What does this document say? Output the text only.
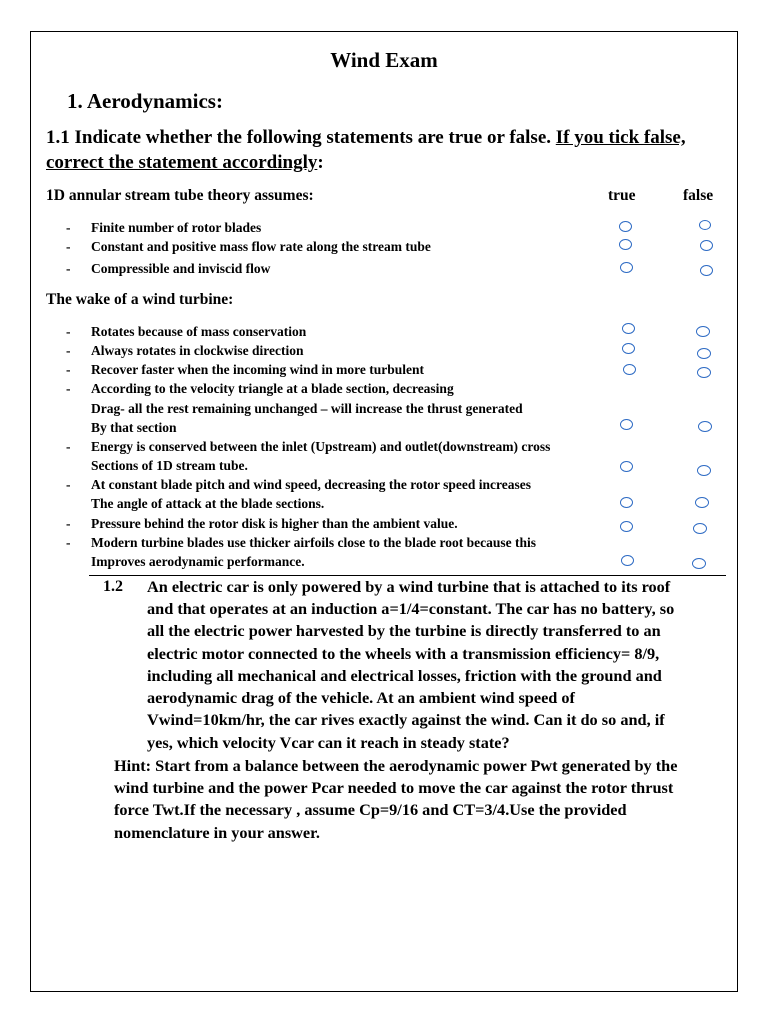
Wind Exam
1. Aerodynamics:
1.1 Indicate whether the following statements are true or false. If you tick false,
correct the statement accordingly:
1D annular stream tube theory assumes:	true	false
- Finite number of rotor blades
- Constant and positive mass flow rate along the stream tube
- Compressible and inviscid flow
The wake of a wind turbine:
- Rotates because of mass conservation
- Always rotates in clockwise direction
- Recover faster when the incoming wind in more turbulent
- According to the velocity triangle at a blade section, decreasing
Drag- all the rest remaining unchanged – will increase the thrust generated
By that section
- Energy is conserved between the inlet (Upstream) and outlet(downstream) cross
Sections of 1D stream tube.
- At constant blade pitch and wind speed, decreasing the rotor speed increases
The angle of attack at the blade sections.
- Pressure behind the rotor disk is higher than the ambient value.
- Modern turbine blades use thicker airfoils close to the blade root because this
Improves aerodynamic performance.
1.2 An electric car is only powered by a wind turbine that is attached to its roof
and that operates at an induction a=1/4=constant. The car has no battery, so
all the electric power harvested by the turbine is directly transferred to an
electric motor connected to the wheels with a transmission efficiency= 8/9,
including all mechanical and electrical losses, friction with the ground and
aerodynamic drag of the vehicle. At an ambient wind speed of
Vwind=10km/hr, the car rives exactly against the wind. Can it do so and, if
yes, which velocity Vcar can it reach in steady state?
Hint: Start from a balance between the aerodynamic power Pwt generated by the
wind turbine and the power Pcar needed to move the car against the rotor thrust
force Twt.If the necessary , assume Cp=9/16 and CT=3/4.Use the provided
nomenclature in your answer.
